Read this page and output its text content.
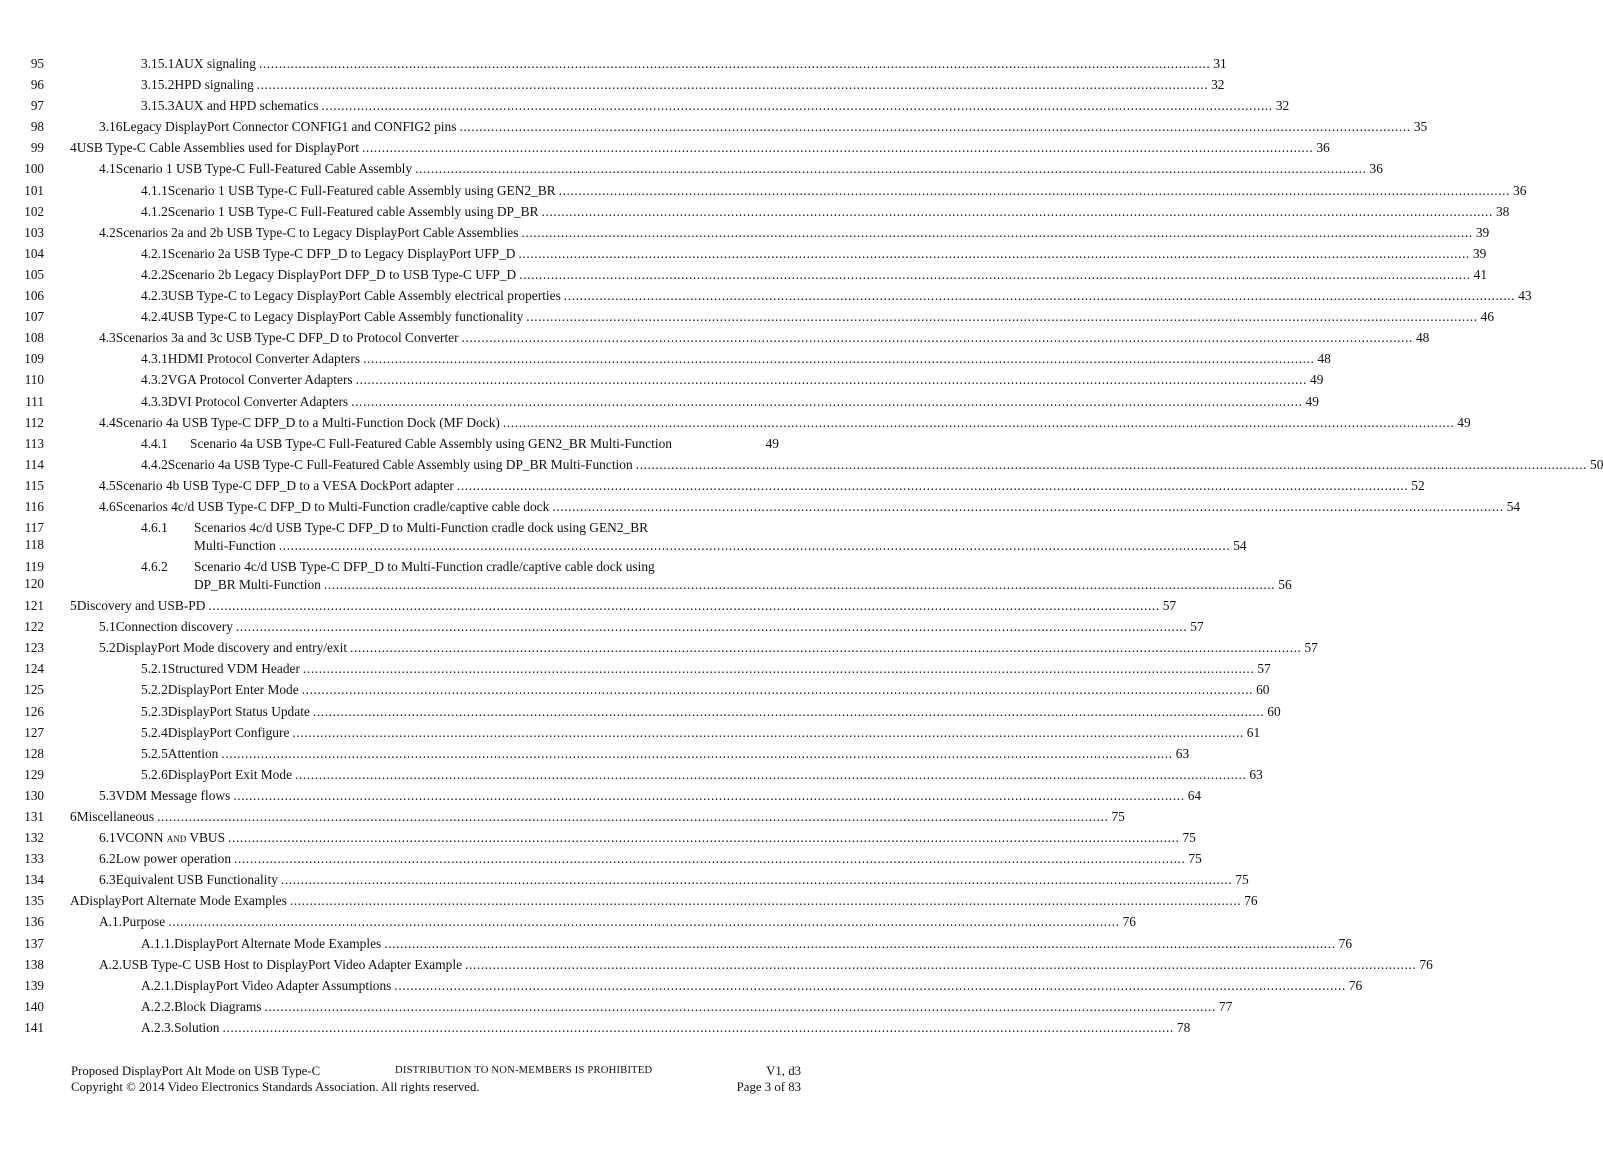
95	3.15.1 AUX signaling .....	31
96	3.15.2 HPD signaling .....	32
97	3.15.3 AUX and HPD schematics .....	32
98	3.16 Legacy DisplayPort Connector CONFIG1 and CONFIG2 pins .....	35
99 4 USB Type-C Cable Assemblies used for DisplayPort .....	36
100	4.1 Scenario 1 USB Type-C Full-Featured Cable Assembly .....	36
101	4.1.1 Scenario 1 USB Type-C Full-Featured cable Assembly using GEN2_BR .....	36
102	4.1.2 Scenario 1 USB Type-C Full-Featured cable Assembly using DP_BR .....	38
103	4.2 Scenarios 2a and 2b USB Type-C to Legacy DisplayPort Cable Assemblies .....	39
104	4.2.1 Scenario 2a USB Type-C DFP_D to Legacy DisplayPort UFP_D .....	39
105	4.2.2 Scenario 2b Legacy DisplayPort DFP_D to USB Type-C UFP_D .....	41
106	4.2.3 USB Type-C to Legacy DisplayPort Cable Assembly electrical properties .....	43
107	4.2.4 USB Type-C to Legacy DisplayPort Cable Assembly functionality .....	46
108	4.3 Scenarios 3a and 3c USB Type-C DFP_D to Protocol Converter .....	48
109	4.3.1 HDMI Protocol Converter Adapters .....	48
110	4.3.2 VGA Protocol Converter Adapters .....	49
111	4.3.3 DVI Protocol Converter Adapters .....	49
112	4.4 Scenario 4a USB Type-C DFP_D to a Multi-Function Dock (MF Dock) .....	49
113	4.4.1	Scenario 4a USB Type-C Full-Featured Cable Assembly using GEN2_BR Multi-Function	49
114	4.4.2 Scenario 4a USB Type-C Full-Featured Cable Assembly using DP_BR Multi-Function .....	50
115	4.5 Scenario 4b USB Type-C DFP_D to a VESA DockPort adapter .....	52
116	4.6 Scenarios 4c/d USB Type-C DFP_D to Multi-Function cradle/captive cable dock .....	54
117
118
4.6.1 Scenarios 4c/d USB Type-C DFP_D to Multi-Function cradle dock using GEN2_BR
Multi-Function .....	54
119
120
4.6.2 Scenario 4c/d USB Type-C DFP_D to Multi-Function cradle/captive cable dock using
DP_BR Multi-Function .....	56
121 5 Discovery and USB-PD .....	57
122	5.1 Connection discovery .....	57
123	5.2 DisplayPort Mode discovery and entry/exit .....	57
124	5.2.1 Structured VDM Header .....	57
125	5.2.2 DisplayPort Enter Mode .....	60
126	5.2.3 DisplayPort Status Update .....	60
127	5.2.4 DisplayPort Configure .....	61
128	5.2.5 Attention .....	63
129	5.2.6 DisplayPort Exit Mode .....	63
130	5.3 VDM Message flows .....	64
131 6 Miscellaneous .....	75
132	6.1 VCONN and VBUS .....	75
133	6.2 Low power operation .....	75
134	6.3 Equivalent USB Functionality .....	75
135 A DisplayPort Alternate Mode Examples .....	76
136	A.1. Purpose .....	76
137	A.1.1. DisplayPort Alternate Mode Examples .....	76
138	A.2. USB Type-C USB Host to DisplayPort Video Adapter Example .....	76
139	A.2.1. DisplayPort Video Adapter Assumptions .....	76
140	A.2.2. Block Diagrams .....	77
141	A.2.3. Solution .....	78
Proposed DisplayPort Alt Mode on USB Type-C	DISTRIBUTION TO NON-MEMBERS IS PROHIBITED	V1, d3
Copyright © 2014 Video Electronics Standards Association. All rights reserved.	Page 3 of 83
